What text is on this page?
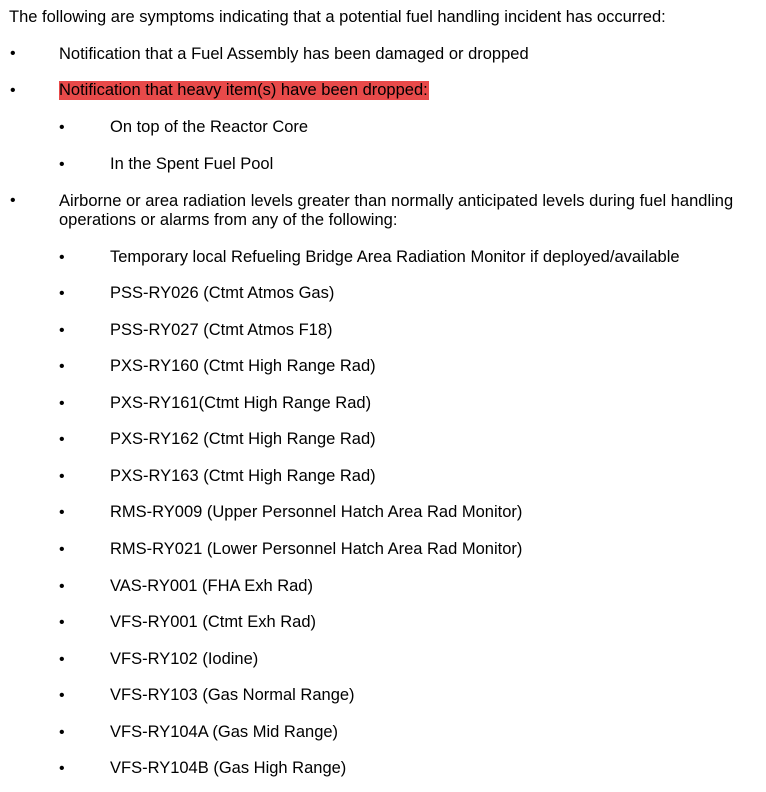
The following are symptoms indicating that a potential fuel handling incident has occurred:
•	Notification that a Fuel Assembly has been damaged or dropped
•	Notification that heavy item(s) have been dropped:
•	On top of the Reactor Core
•	In the Spent Fuel Pool
•	Airborne or area radiation levels greater than normally anticipated levels during fuel handling operations or alarms from any of the following:
•	Temporary local Refueling Bridge Area Radiation Monitor if deployed/available
•	PSS-RY026 (Ctmt Atmos Gas)
•	PSS-RY027 (Ctmt Atmos F18)
•	PXS-RY160 (Ctmt High Range Rad)
•	PXS-RY161(Ctmt High Range Rad)
•	PXS-RY162 (Ctmt High Range Rad)
•	PXS-RY163 (Ctmt High Range Rad)
•	RMS-RY009 (Upper Personnel Hatch Area Rad Monitor)
•	RMS-RY021 (Lower Personnel Hatch Area Rad Monitor)
•	VAS-RY001 (FHA Exh Rad)
•	VFS-RY001 (Ctmt Exh Rad)
•	VFS-RY102 (Iodine)
•	VFS-RY103 (Gas Normal Range)
•	VFS-RY104A (Gas Mid Range)
•	VFS-RY104B (Gas High Range)
